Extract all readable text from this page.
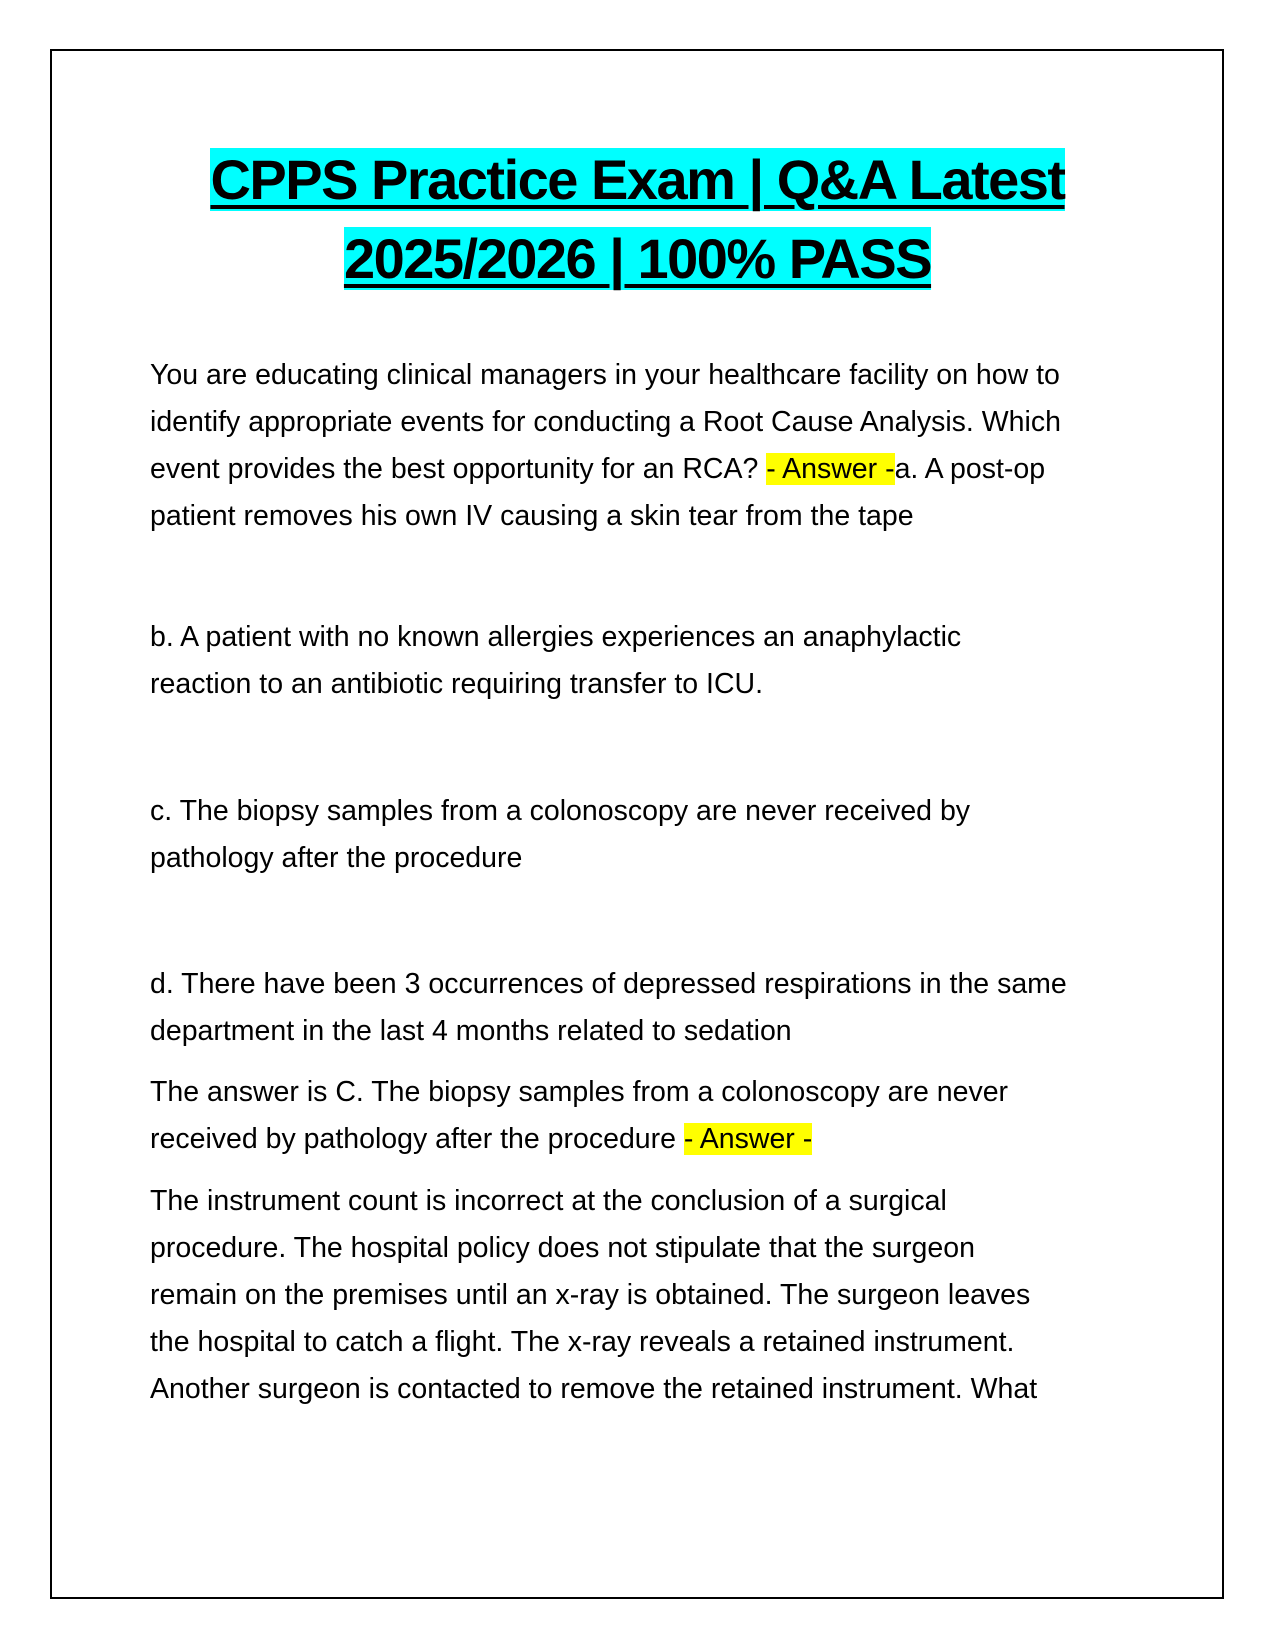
CPPS Practice Exam | Q&A Latest
2025/2026 | 100% PASS

You are educating clinical managers in your healthcare facility on how to

identify appropriate events for conducting a Root Cause Analysis. Which

event provides the best opportunity for an RCA? - Answer -a. A post-op

patient removes his own IV causing a skin tear from the tape

b. A patient with no known allergies experiences an anaphylactic

reaction to an antibiotic requiring transfer to ICU.

c. The biopsy samples from a colonoscopy are never received by

pathology after the procedure

d. There have been 3 occurrences of depressed respirations in the same

department in the last 4 months related to sedation

The answer is C. The biopsy samples from a colonoscopy are never

received by pathology after the procedure - Answer -

The instrument count is incorrect at the conclusion of a surgical

procedure. The hospital policy does not stipulate that the surgeon

remain on the premises until an x-ray is obtained. The surgeon leaves

the hospital to catch a flight. The x-ray reveals a retained instrument.

Another surgeon is contacted to remove the retained instrument. What
